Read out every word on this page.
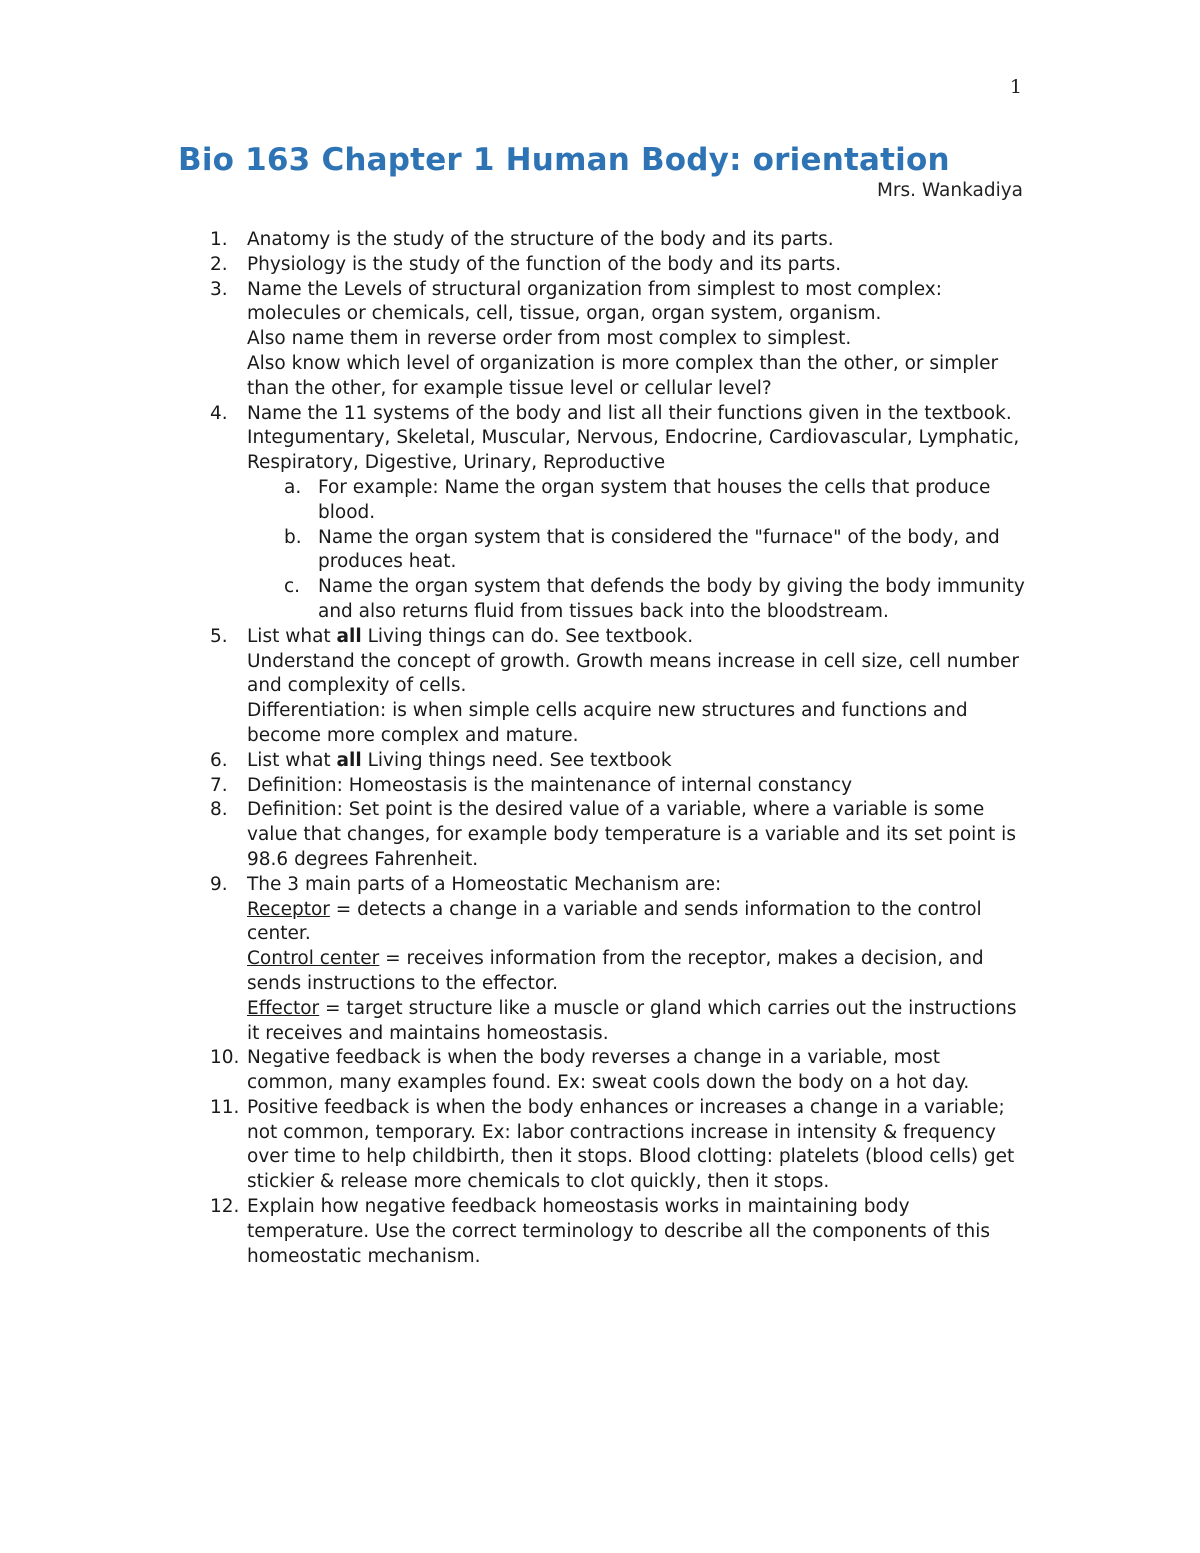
1
Bio 163 Chapter 1 Human Body: orientation
Mrs. Wankadiya
1.	Anatomy is the study of the structure of the body and its parts.
2.	Physiology is the study of the function of the body and its parts.
3.	Name the Levels of structural organization from simplest to most complex: molecules or chemicals, cell, tissue, organ, organ system, organism.
Also name them in reverse order from most complex to simplest.
Also know which level of organization is more complex than the other, or simpler than the other, for example tissue level or cellular level?
4.	Name the 11 systems of the body and list all their functions given in the textbook.
Integumentary, Skeletal, Muscular, Nervous, Endocrine, Cardiovascular, Lymphatic, Respiratory, Digestive, Urinary, Reproductive
a. For example: Name the organ system that houses the cells that produce blood.
b. Name the organ system that is considered the "furnace" of the body, and produces heat.
c. Name the organ system that defends the body by giving the body immunity and also returns fluid from tissues back into the bloodstream.
5.	List what all Living things can do. See textbook.
Understand the concept of growth. Growth means increase in cell size, cell number and complexity of cells.
Differentiation: is when simple cells acquire new structures and functions and become more complex and mature.
6.	List what all Living things need. See textbook
7.	Definition: Homeostasis is the maintenance of internal constancy
8.	Definition: Set point is the desired value of a variable, where a variable is some value that changes, for example body temperature is a variable and its set point is 98.6 degrees Fahrenheit.
9.	The 3 main parts of a Homeostatic Mechanism are:
Receptor = detects a change in a variable and sends information to the control center.
Control center = receives information from the receptor, makes a decision, and sends instructions to the effector.
Effector = target structure like a muscle or gland which carries out the instructions it receives and maintains homeostasis.
10. Negative feedback is when the body reverses a change in a variable, most common, many examples found. Ex: sweat cools down the body on a hot day.
11. Positive feedback is when the body enhances or increases a change in a variable; not common, temporary. Ex: labor contractions increase in intensity & frequency over time to help childbirth, then it stops. Blood clotting: platelets (blood cells) get stickier & release more chemicals to clot quickly, then it stops.
12. Explain how negative feedback homeostasis works in maintaining body temperature. Use the correct terminology to describe all the components of this homeostatic mechanism.
